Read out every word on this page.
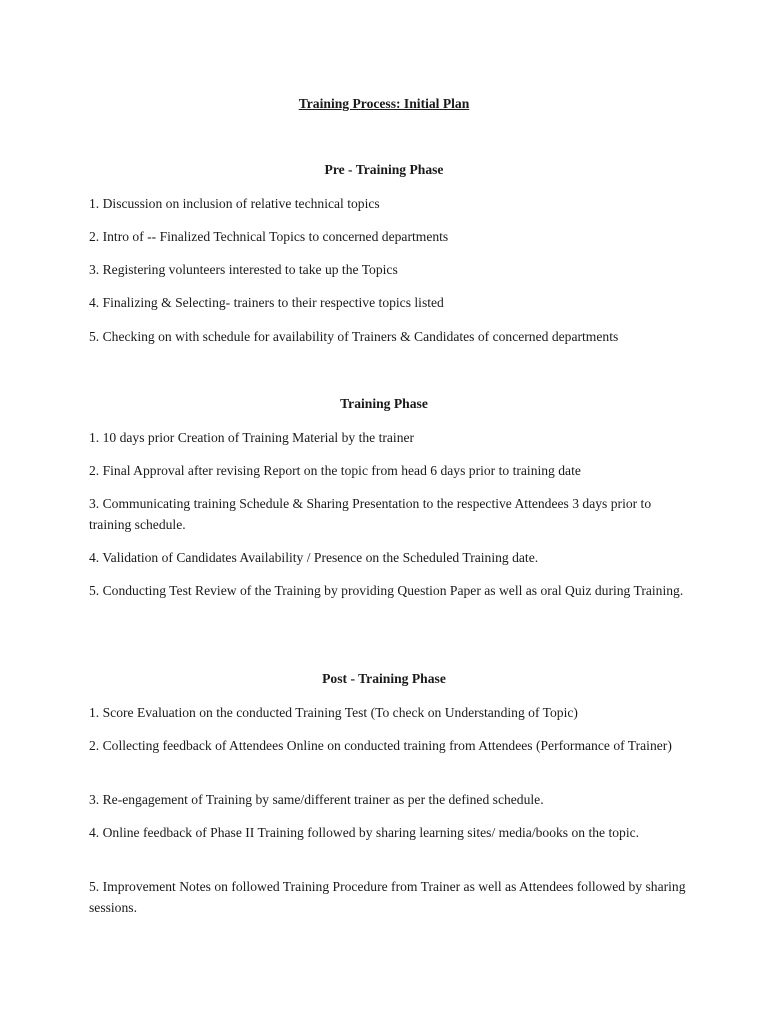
Training Process: Initial Plan
Pre - Training Phase
1. Discussion on inclusion of relative technical topics
2. Intro of -- Finalized Technical Topics to concerned departments
3. Registering volunteers interested to take up the Topics
4. Finalizing & Selecting- trainers to their respective topics listed
5. Checking on with schedule for availability of Trainers & Candidates of concerned departments
Training Phase
1. 10 days prior Creation of Training Material by the trainer
2. Final Approval after revising Report on the topic from head 6 days prior to training date
3. Communicating training Schedule & Sharing Presentation to the respective Attendees 3 days prior to training schedule.
4. Validation of Candidates Availability / Presence on the Scheduled Training date.
5. Conducting Test Review of the Training by providing Question Paper as well as oral Quiz during Training.
Post - Training Phase
1. Score Evaluation on the conducted Training Test (To check on Understanding of Topic)
2. Collecting feedback of Attendees Online on conducted training from Attendees (Performance of Trainer)
3. Re-engagement of Training by same/different trainer as per the defined schedule.
4. Online feedback of Phase II Training followed by sharing learning sites/ media/books on the topic.
5. Improvement Notes on followed Training Procedure from Trainer as well as Attendees followed by sharing sessions.
